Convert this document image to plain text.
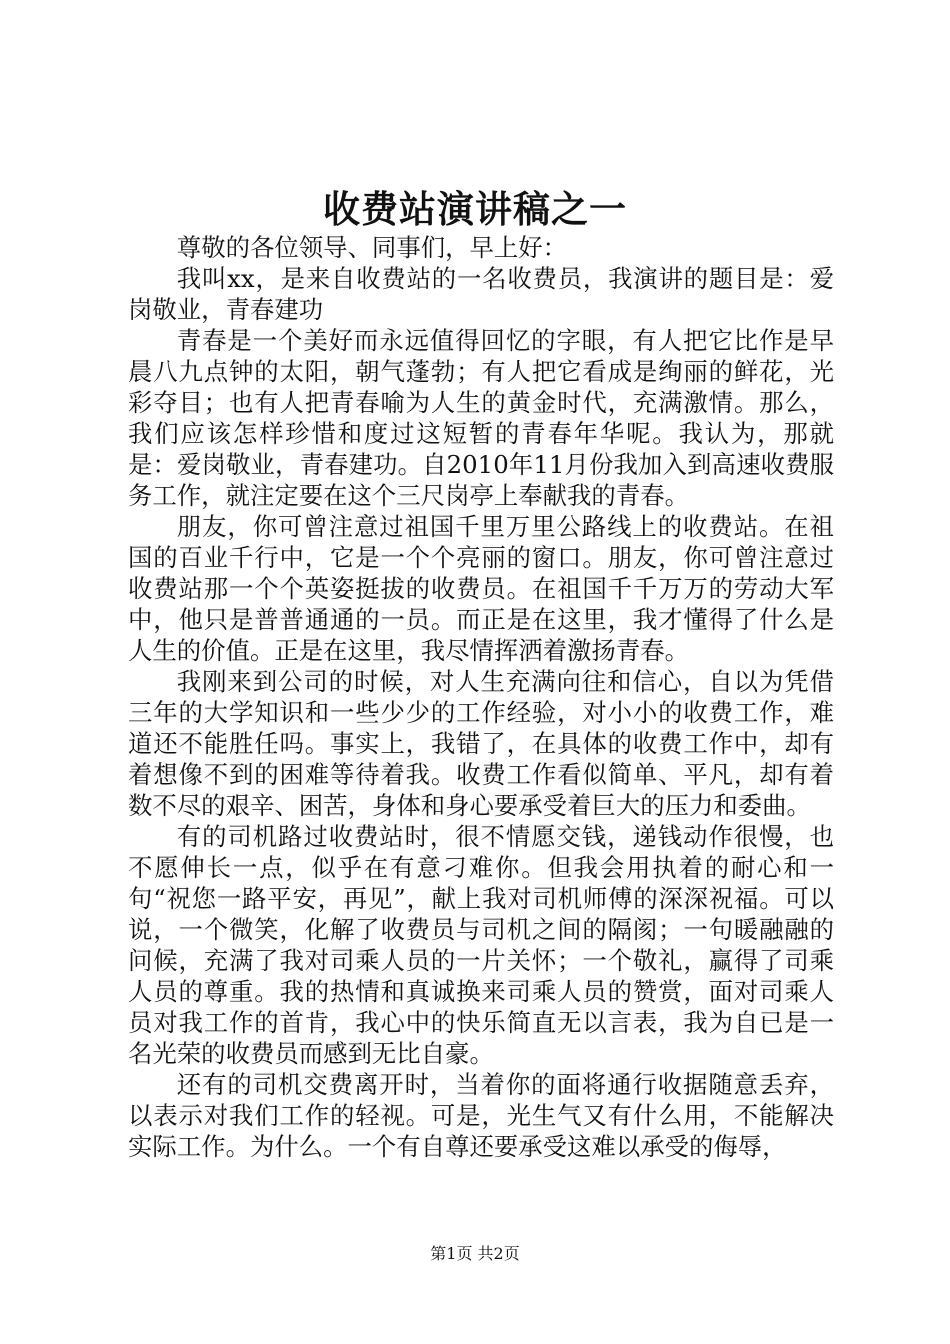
收费站演讲稿之一

尊敬的各位领导、同事们，早上好：

我叫xx，是来自收费站的一名收费员，我演讲的题目是：爱岗敬业，青春建功

青春是一个美好而永远值得回忆的字眼，有人把它比作是早晨八九点钟的太阳，朝气蓬勃；有人把它看成是绚丽的鲜花，光彩夺目；也有人把青春喻为人生的黄金时代，充满激情。那么，我们应该怎样珍惜和度过这短暂的青春年华呢。我认为，那就是：爱岗敬业，青春建功。自2010年11月份我加入到高速收费服务工作，就注定要在这个三尺岗亭上奉献我的青春。

朋友，你可曾注意过祖国千里万里公路线上的收费站。在祖国的百业千行中，它是一个个亮丽的窗口。朋友，你可曾注意过收费站那一个个英姿挺拔的收费员。在祖国千千万万的劳动大军中，他只是普普通通的一员。而正是在这里，我才懂得了什么是人生的价值。正是在这里，我尽情挥洒着激扬青春。

我刚来到公司的时候，对人生充满向往和信心，自以为凭借三年的大学知识和一些少少的工作经验，对小小的收费工作，难道还不能胜任吗。事实上，我错了，在具体的收费工作中，却有着想像不到的困难等待着我。收费工作看似简单、平凡，却有着数不尽的艰辛、困苦，身体和身心要承受着巨大的压力和委曲。

有的司机路过收费站时，很不情愿交钱，递钱动作很慢，也不愿伸长一点，似乎在有意刁难你。但我会用执着的耐心和一句“祝您一路平安，再见”，献上我对司机师傅的深深祝福。可以说，一个微笑，化解了收费员与司机之间的隔阂；一句暖融融的问候，充满了我对司乘人员的一片关怀；一个敬礼，赢得了司乘人员的尊重。我的热情和真诚换来司乘人员的赞赏，面对司乘人员对我工作的首肯，我心中的快乐简直无以言表，我为自已是一名光荣的收费员而感到无比自豪。

还有的司机交费离开时，当着你的面将通行收据随意丢弃，以表示对我们工作的轻视。可是，光生气又有什么用，不能解决实际工作。为什么。一个有自尊还要承受这难以承受的侮辱，

第1页 共2页
